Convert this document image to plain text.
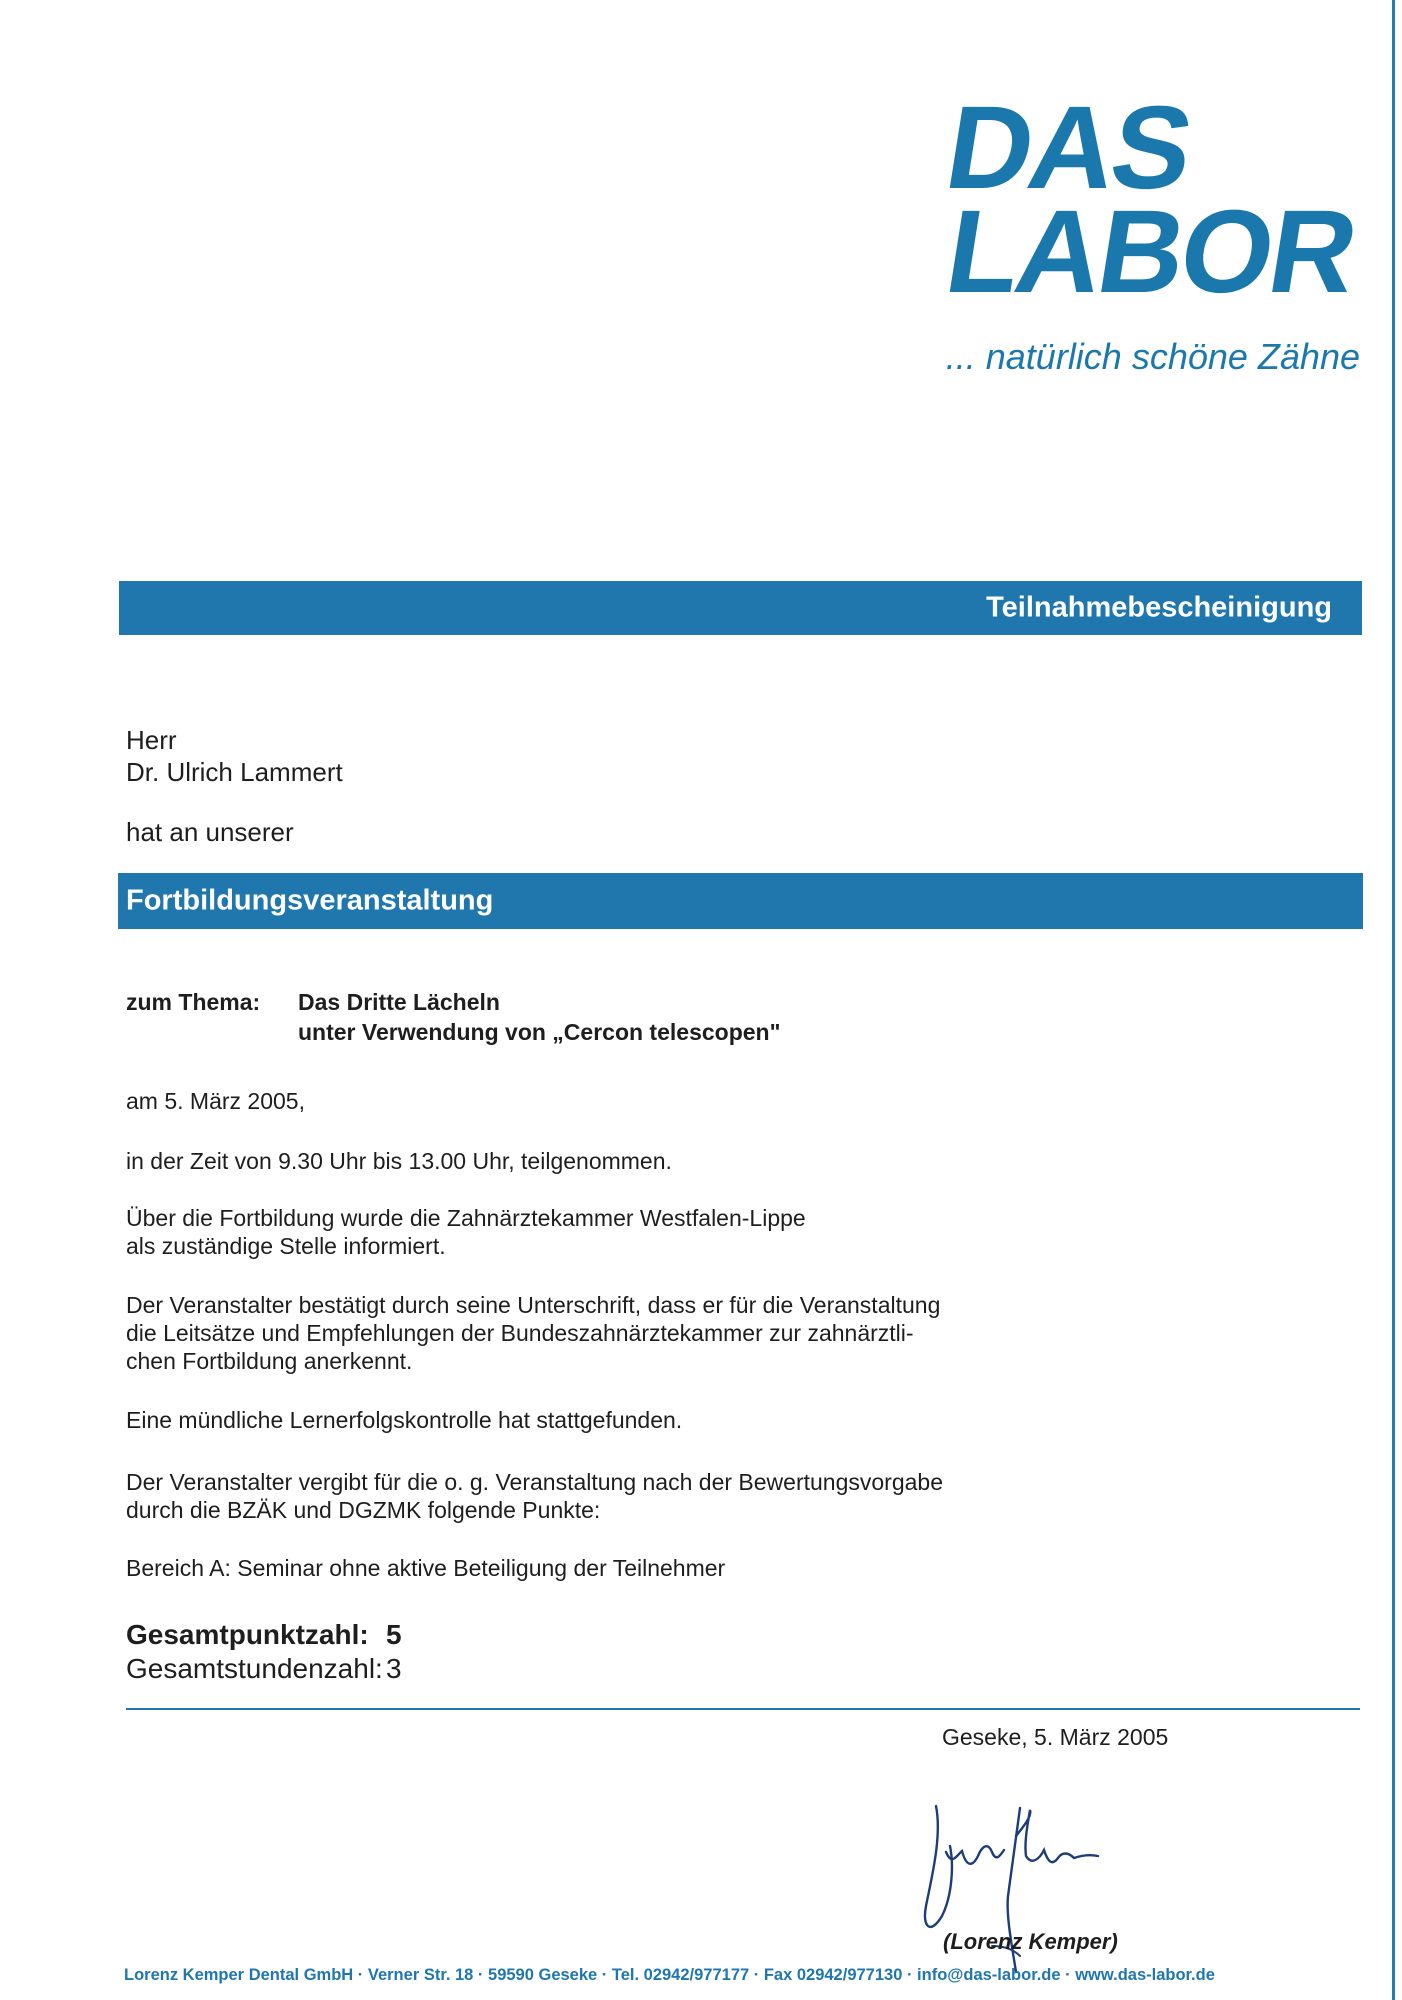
DAS
LABOR
... natürlich schöne Zähne
Teilnahmebescheinigung
Herr
Dr. Ulrich Lammert
hat an unserer
Fortbildungsveranstaltung
zum Thema: Das Dritte Lächeln
unter Verwendung von „Cercon telescopen"
am 5. März 2005,
in der Zeit von 9.30 Uhr bis 13.00 Uhr, teilgenommen.
Über die Fortbildung wurde die Zahnärztekammer Westfalen-Lippe
als zuständige Stelle informiert.
Der Veranstalter bestätigt durch seine Unterschrift, dass er für die Veranstaltung
die Leitsätze und Empfehlungen der Bundeszahnärztekammer zur zahnärztli-
chen Fortbildung anerkennt.
Eine mündliche Lernerfolgskontrolle hat stattgefunden.
Der Veranstalter vergibt für die o. g. Veranstaltung nach der Bewertungsvorgabe
durch die BZÄK und DGZMK folgende Punkte:
Bereich A: Seminar ohne aktive Beteiligung der Teilnehmer
Gesamtpunktzahl: 5
Gesamtstundenzahl: 3
Geseke, 5. März 2005
(Lorenz Kemper)
Lorenz Kemper Dental GmbH · Verner Str. 18 · 59590 Geseke · Tel. 02942/977177 · Fax 02942/977130 · info@das-labor.de · www.das-labor.de
